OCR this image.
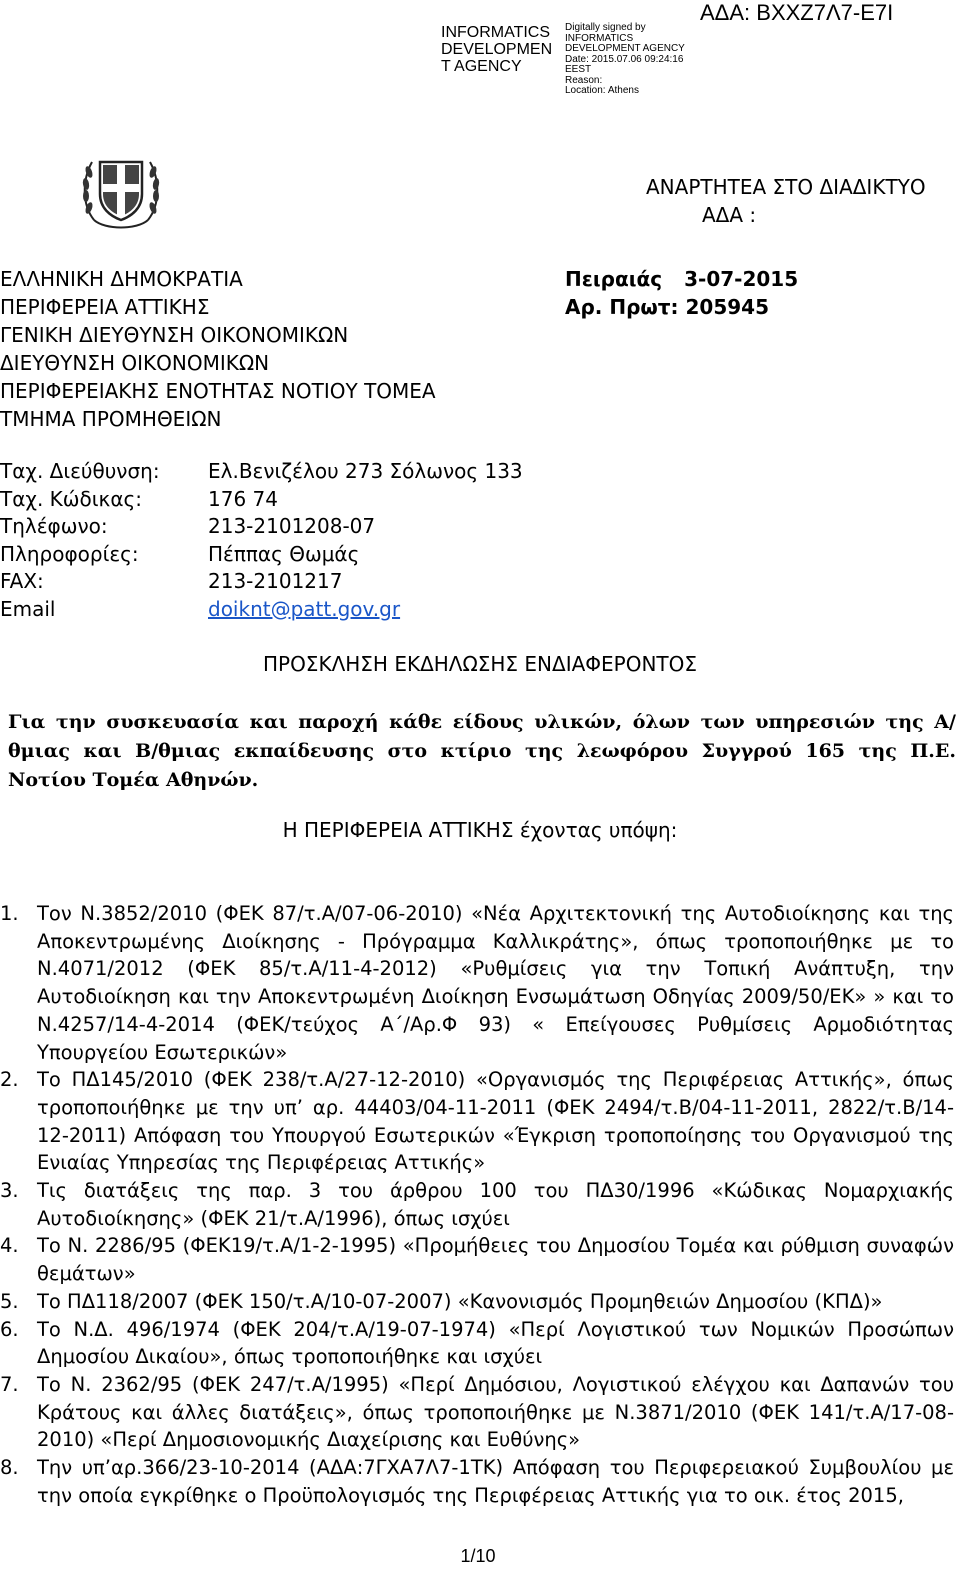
INFORMATICS DEVELOPMEN T AGENCY
Digitally signed by
INFORMATICS
DEVELOPMENT AGENCY
Date: 2015.07.06 09:24:16
EEST
Reason:
Location: Athens
ΑΔΑ: ΒΧΧΖ7Λ7-Ε7Ι
ΑΝΑΡΤΗΤΕΑ ΣΤΟ ΔΙΑΔΙΚΤΥΟ
ΑΔΑ :
ΕΛΛΗΝΙΚΗ ΔΗΜΟΚΡΑΤΙΑ
ΠΕΡΙΦΕΡΕΙΑ ΑΤΤΙΚΗΣ
ΓΕΝΙΚΗ ΔΙΕΥΘΥΝΣΗ ΟΙΚΟΝΟΜΙΚΩΝ
ΔΙΕΥΘΥΝΣΗ ΟΙΚΟΝΟΜΙΚΩΝ
ΠΕΡΙΦΕΡΕΙΑΚΗΣ ΕΝΟΤΗΤΑΣ ΝΟΤΙΟΥ ΤΟΜΕΑ
ΤΜΗΜΑ ΠΡΟΜΗΘΕΙΩΝ
Πειραιάς 3-07-2015
Αρ. Πρωτ: 205945
Ταχ. Διεύθυνση:	Ελ.Βενιζέλου 273 Σόλωνος 133
Ταχ. Κώδικας:	176 74
Τηλέφωνο:	213-2101208-07
Πληροφορίες:	Πέππας Θωμάς
FAX:	213-2101217
Email	doiknt@patt.gov.gr
ΠΡΟΣΚΛΗΣΗ ΕΚΔΗΛΩΣΗΣ ΕΝΔΙΑΦΕΡΟΝΤΟΣ
Για την συσκευασία και παροχή κάθε είδους υλικών, όλων των υπηρεσιών της Α/θμιας και Β/θμιας εκπαίδευσης στο κτίριο της λεωφόρου Συγγρού 165 της Π.Ε. Νοτίου Τομέα Αθηνών.
Η ΠΕΡΙΦΕΡΕΙΑ ΑΤΤΙΚΗΣ έχοντας υπόψη:
1. Τον Ν.3852/2010 (ΦΕΚ 87/τ.Α/07-06-2010) «Νέα Αρχιτεκτονική της Αυτοδιοίκησης και της Αποκεντρωμένης Διοίκησης - Πρόγραμμα Καλλικράτης», όπως τροποποιήθηκε με το Ν.4071/2012 (ΦΕΚ 85/τ.Α/11-4-2012) «Ρυθμίσεις για την Τοπική Ανάπτυξη, την Αυτοδιοίκηση και την Αποκεντρωμένη Διοίκηση Ενσωμάτωση Οδηγίας 2009/50/ΕΚ» » και το Ν.4257/14-4-2014 (ΦΕΚ/τεύχος Α΄/Αρ.Φ 93) « Επείγουσες Ρυθμίσεις Αρμοδιότητας Υπουργείου Εσωτερικών»
2. Το ΠΔ145/2010 (ΦΕΚ 238/τ.Α/27-12-2010) «Οργανισμός της Περιφέρειας Αττικής», όπως τροποποιήθηκε με την υπ’ αρ. 44403/04-11-2011 (ΦΕΚ 2494/τ.Β/04-11-2011, 2822/τ.Β/14-12-2011) Απόφαση του Υπουργού Εσωτερικών «Έγκριση τροποποίησης του Οργανισμού της Ενιαίας Υπηρεσίας της Περιφέρειας Αττικής»
3. Τις διατάξεις της παρ. 3 του άρθρου 100 του ΠΔ30/1996 «Κώδικας Νομαρχιακής Αυτοδιοίκησης» (ΦΕΚ 21/τ.Α/1996), όπως ισχύει
4. Το Ν. 2286/95 (ΦΕΚ19/τ.Α/1-2-1995) «Προμήθειες του Δημοσίου Τομέα και ρύθμιση συναφών θεμάτων»
5. Το ΠΔ118/2007 (ΦΕΚ 150/τ.Α/10-07-2007) «Κανονισμός Προμηθειών Δημοσίου (ΚΠΔ)»
6. Το Ν.Δ. 496/1974 (ΦΕΚ 204/τ.Α/19-07-1974) «Περί Λογιστικού των Νομικών Προσώπων Δημοσίου Δικαίου», όπως τροποποιήθηκε και ισχύει
7. Το Ν. 2362/95 (ΦΕΚ 247/τ.Α/1995) «Περί Δημόσιου, Λογιστικού ελέγχου και Δαπανών του Κράτους και άλλες διατάξεις», όπως τροποποιήθηκε με Ν.3871/2010 (ΦΕΚ 141/τ.Α/17-08-2010) «Περί Δημοσιονομικής Διαχείρισης και Ευθύνης»
8. Την υπ’αρ.366/23-10-2014 (ΑΔΑ:7ΓΧΑ7Λ7-1ΤΚ) Απόφαση του Περιφερειακού Συμβουλίου με την οποία εγκρίθηκε ο Προϋπολογισμός της Περιφέρειας Αττικής για το οικ. έτος 2015,
1/10
